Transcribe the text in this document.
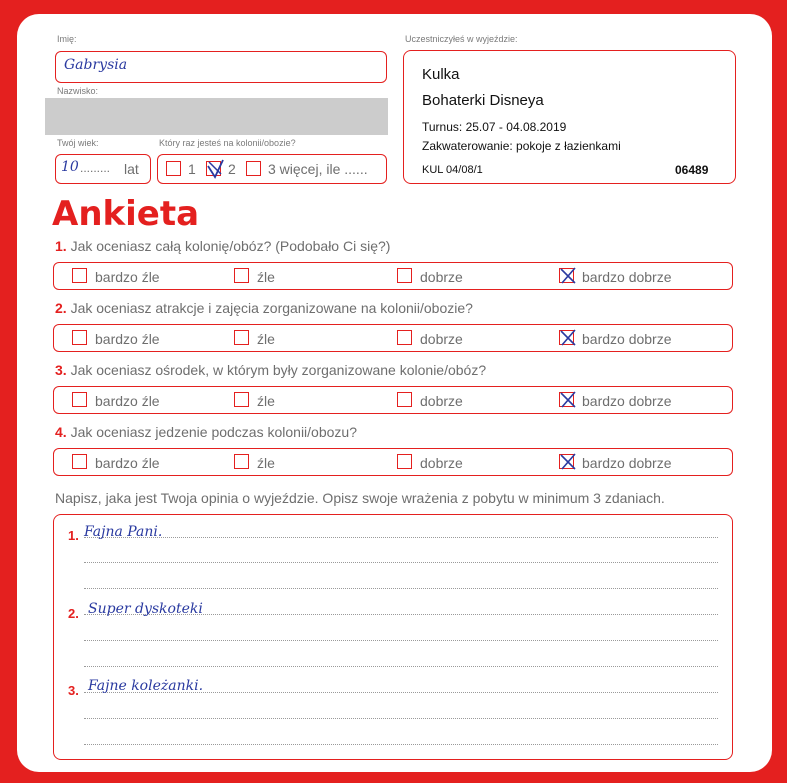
Imię:
Gabrysia
Nazwisko:
Twój wiek:
10 ......... lat
Który raz jesteś na kolonii/obozie?
1 2 3 więcej, ile ......
Uczestniczyłeś w wyjeździe:
Kulka
Bohaterki Disneya
Turnus: 25.07 - 04.08.2019
Zakwaterowanie: pokoje z łazienkami
KUL 04/08/1	06489
Ankieta
1. Jak oceniasz całą kolonię/obóz? (Podobało Ci się?)
bardzo źle	źle	dobrze	bardzo dobrze
2. Jak oceniasz atrakcje i zajęcia zorganizowane na kolonii/obozie?
bardzo źle	źle	dobrze	bardzo dobrze
3. Jak oceniasz ośrodek, w którym były zorganizowane kolonie/obóz?
bardzo źle	źle	dobrze	bardzo dobrze
4. Jak oceniasz jedzenie podczas kolonii/obozu?
bardzo źle	źle	dobrze	bardzo dobrze
Napisz, jaka jest Twoja opinia o wyjeździe. Opisz swoje wrażenia z pobytu w minimum 3 zdaniach.
1. Fajna Pani.
2. Super dyskoteki
3. Fajne koleżanki.
